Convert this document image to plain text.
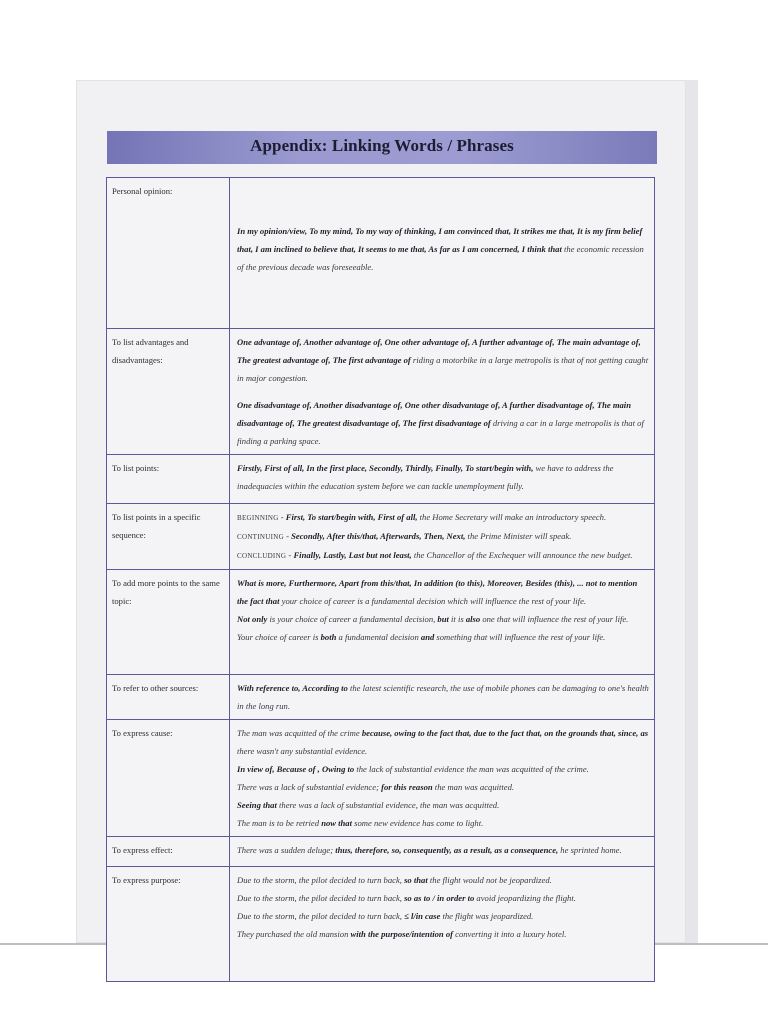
Appendix: Linking Words / Phrases
Personal opinion:	In my opinion/view, To my mind, To my way of thinking, I am convinced that, It strikes me that, It is my firm belief that, I am inclined to believe that, It seems to me that, As far as I am concerned, I think that the economic recession of the previous decade was foreseeable.

To list advantages and disadvantages:	One advantage of, Another advantage of, One other advantage of, A further advantage of, The main advantage of, The greatest advantage of, The first advantage of riding a motorbike in a large metropolis is that of not getting caught in major congestion.

One disadvantage of, Another disadvantage of, One other disadvantage of, A further disadvantage of, The main disadvantage of, The greatest disadvantage of, The first disadvantage of driving a car in a large metropolis is that of finding a parking space.

To list points:	Firstly, First of all, In the first place, Secondly, Thirdly, Finally, To start/begin with, we have to address the inadequacies within the education system before we can tackle unemployment fully.

To list points in a specific sequence:	BEGINNING - First, To start/begin with, First of all, the Home Secretary will make an introductory speech.

CONTINUING - Secondly, After this/that, Afterwards, Then, Next, the Prime Minister will speak.

CONCLUDING - Finally, Lastly, Last but not least, the Chancellor of the Exchequer will announce the new budget.

To add more points to the same topic:	What is more, Furthermore, Apart from this/that, In addition (to this), Moreover, Besides (this), ... not to mention the fact that your choice of career is a fundamental decision which will influence the rest of your life.

Not only is your choice of career a fundamental decision, but it is also one that will influence the rest of your life.

Your choice of career is both a fundamental decision and something that will influence the rest of your life.

To refer to other sources:	With reference to, According to the latest scientific research, the use of mobile phones can be damaging to one's health in the long run.

To express cause:	The man was acquitted of the crime because, owing to the fact that, due to the fact that, on the grounds that, since, as there wasn't any substantial evidence.

In view of, Because of , Owing to the lack of substantial evidence the man was acquitted of the crime.

There was a lack of substantial evidence; for this reason the man was acquitted.

Seeing that there was a lack of substantial evidence, the man was acquitted.

The man is to be retried now that some new evidence has come to light.

To express effect:	There was a sudden deluge; thus, therefore, so, consequently, as a result, as a consequence, he sprinted home.

To express purpose:	Due to the storm, the pilot decided to turn back, so that the flight would not be jeopardized.

Due to the storm, the pilot decided to turn back, so as to / in order to avoid jeopardizing the flight.

Due to the storm, the pilot decided to turn back, ≤ l/in case the flight was jeopardized.

They purchased the old mansion with the purpose/intention of converting it into a luxury hotel.
